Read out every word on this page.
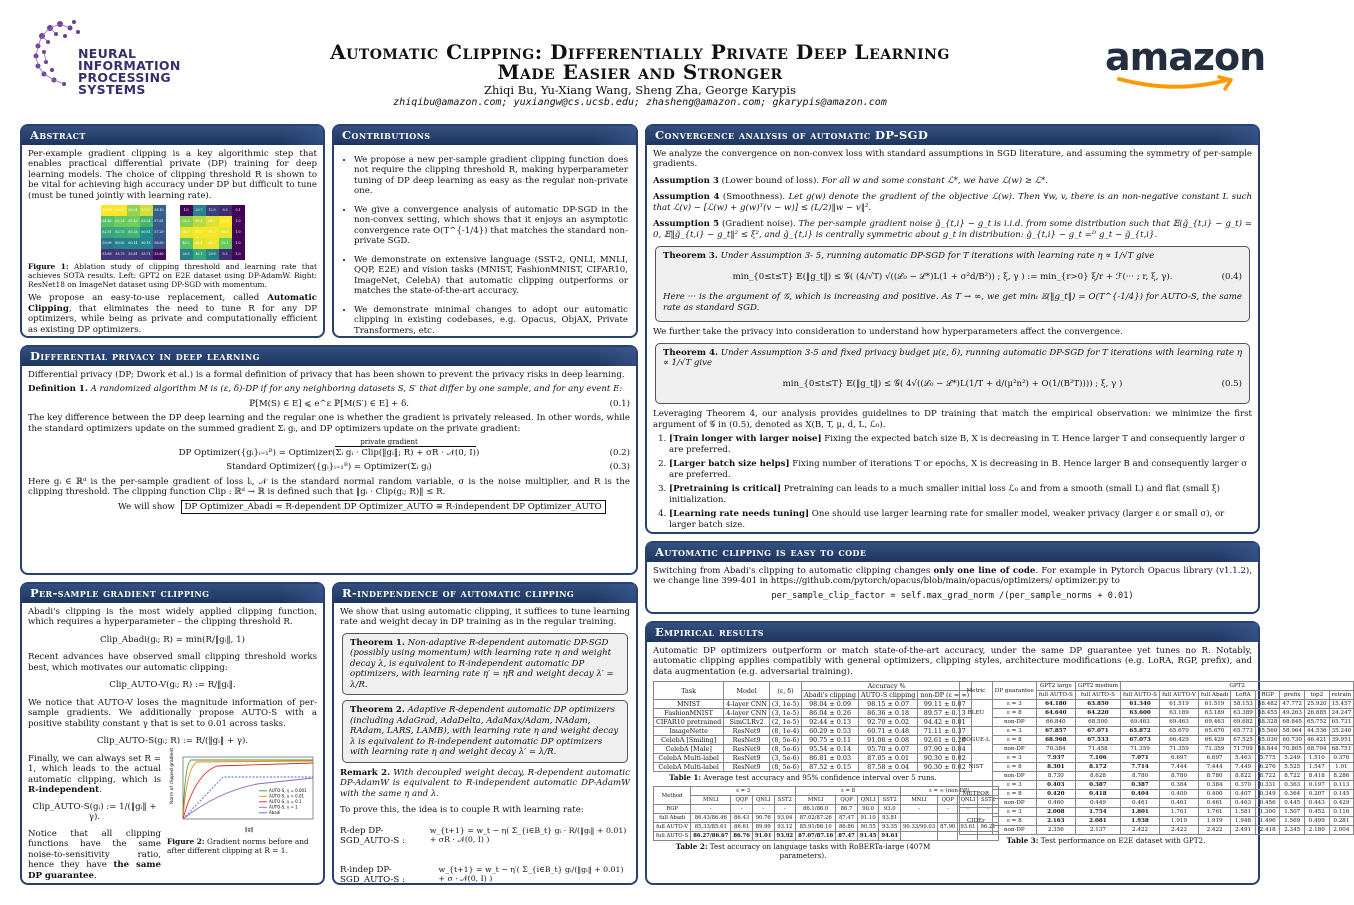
NEURAL
INFORMATION
PROCESSING
SYSTEMS
Automatic Clipping: Differentially Private Deep Learning
Made Easier and Stronger
Zhiqi Bu, Yu-Xiang Wang, Sheng Zha, George Karypis
zhiqibu@amazon.com; yuxiangw@cs.ucsb.edu; zhasheng@amazon.com; gkarypis@amazon.com
amazon
Abstract

Per-example gradient clipping is a key algorithmic step that enables practical differential private (DP) training for deep learning models. The choice of clipping threshold R is shown to be vital for achieving high accuracy under DP but difficult to tune (must be tuned jointly with learning rate).

68.89	68.93	66.34	67.87	58.10
64.46	65.24	65.45	63.51	57.61
62.51	62.73	63.28	60.81	57.29
59.09	60.02	60.14	60.18	56.89
55.69	55.75	55.81	55.71	53.60
1.0	29.7	12.9	9.3	0.1
55.2	60.4	64.5	67.9	1.0
66.0	67.3	67.3	65.8	1.0
49.2	65.4	66.3	52.1	1.0
28.9	40.1	29.9	9.3	1.0

Figure 1: Ablation study of clipping threshold and learning rate that achieves SOTA results. Left: GPT2 on E2E dataset using DP-AdamW. Right: ResNet18 on ImageNet dataset using DP-SGD with momentum.

We propose an easy-to-use replacement, called Automatic Clipping, that eliminates the need to tune R for any DP optimizers, while being as private and computationally efficient as existing DP optimizers.

Contributions
• We propose a new per-sample gradient clipping function does not require the clipping threshold R, making hyperparameter tuning of DP deep learning as easy as the regular non-private one.
• We give a convergence analysis of automatic DP-SGD in the non-convex setting, which shows that it enjoys an asymptotic convergence rate O(T^{-1/4}) that matches the standard non-private SGD.
• We demonstrate on extensive language (SST-2, QNLI, MNLI, QQP, E2E) and vision tasks (MNIST, FashionMNIST, CIFAR10, ImageNet, CelebA) that automatic clipping outperforms or matches the state-of-the-art accuracy.
• We demonstrate minimal changes to adopt our automatic clipping in existing codebases, e.g. Opacus, ObjAX, Private Transformers, etc.
Differential privacy in deep learning

Differential privacy (DP; Dwork et al.) is a formal definition of privacy that has been shown to prevent the privacy risks in deep learning.

Definition 1. A randomized algorithm M is (ε, δ)-DP if for any neighboring datasets S, S′ that differ by one sample, and for any event E:

ℙ[M(S) ∈ E] ⩽ e^ε ℙ[M(S′) ∈ E] + δ.	(0.1)

The key difference between the DP deep learning and the regular one is whether the gradient is privately released. In other words, while the standard optimizers update on the summed gradient Σᵢ gᵢ, and DP optimizers update on the private gradient:

private gradient
DP Optimizer({gᵢ}ᵢ₌₁ᴮ) = Optimizer(Σᵢ gᵢ · Clip(‖gᵢ‖; R) + σR · 𝒩(0, I))	(0.2)
Standard Optimizer({gᵢ}ᵢ₌₁ᴮ) = Optimizer(Σᵢ gᵢ)	(0.3)

Here gᵢ ∈ ℝᵈ is the per-sample gradient of loss lᵢ, 𝒩 is the standard normal random variable, σ is the noise multiplier, and R is the clipping threshold. The clipping function Clip : ℝᵈ → ℝ is defined such that ‖gᵢ · Clip(gᵢ; R)‖ ≤ R.

We will show DP Optimizer_Abadi ≈ R-dependent DP Optimizer_AUTO ≡ R-independent DP Optimizer_AUTO
Per-sample gradient clipping

Abadi's clipping is the most widely applied clipping function, which requires a hyperparameter – the clipping threshold R.

Clip_Abadi(gᵢ; R) = min(R/‖gᵢ‖, 1)

Recent advances have observed small clipping threshold works best, which motivates our automatic clipping:

Clip_AUTO-V(gᵢ; R) := R/‖gᵢ‖.

We notice that AUTO-V loses the magnitude information of per-sample gradients. We additionally propose AUTO-S with a positive stability constant γ that is set to 0.01 across tasks.

Clip_AUTO-S(gᵢ; R) := R/(‖gᵢ‖ + γ).

Finally, we can always set R = 1, which leads to the actual automatic clipping, which is R-independent.

Clip_AUTO-S(gᵢ) := 1/(‖gᵢ‖ + γ).

Notice that all clipping functions have the same noise-to-sensitivity ratio, hence they have the same DP guarantee.

Norm of clipped gradient
‖g‖
AUTO-S, γ = 0.001
AUTO-S, γ = 0.01
AUTO-S, γ = 0.1
AUTO-S, γ = 1
Abadi
Figure 2: Gradient norms before and after different clipping at R = 1.
R-independence of automatic clipping

We show that using automatic clipping, it suffices to tune learning rate and weight decay in DP training as in the regular training.

Theorem 1. Non-adaptive R-dependent automatic DP-SGD (possibly using momentum) with learning rate η and weight decay λ, is equivalent to R-independent automatic DP optimizers, with learning rate η′ = ηR and weight decay λ′ = λ/R.
Theorem 2. Adaptive R-dependent automatic DP optimizers (including AdaGrad, AdaDelta, AdaMax/Adam, NAdam, RAdam, LARS, LAMB), with learning rate η and weight decay λ is equivalent to R-independent automatic DP optimizers with learning rate η and weight decay λ′ = λ/R.

Remark 2. With decoupled weight decay, R-dependent automatic DP-AdamW is equivalent to R-independent automatic DP-AdamW with the same η and λ.

To prove this, the idea is to couple R with learning rate:

R-dep DP-SGD_AUTO-S :
w_{t+1} = w_t − η( Σ_{i∈B_t} gᵢ · R/(‖gᵢ‖ + 0.01) + σR · 𝒩(0, I) )
R-indep DP-SGD_AUTO-S :
w_{t+1} = w_t − η′( Σ_{i∈B_t} gᵢ/(‖gᵢ‖ + 0.01) + σ · 𝒩(0, I) )
Convergence analysis of automatic DP-SGD

We analyze the convergence on non-convex loss with standard assumptions in SGD literature, and assuming the symmetry of per-sample gradients.

Assumption 3 (Lower bound of loss). For all w and some constant ℒ*, we have ℒ(w) ≥ ℒ*.

Assumption 4 (Smoothness). Let g(w) denote the gradient of the objective ℒ(w). Then ∀w, v, there is an non-negative constant L such that ℒ(v) − [ℒ(w) + g(w)ᵀ(v − w)] ≤ (L/2)‖w − v‖².

Assumption 5 (Gradient noise). The per-sample gradient noise g̃_{t,i} − g_t is i.i.d. from some distribution such that 𝔼(g̃_{t,i} − g_t) = 0, 𝔼‖g̃_{t,i} − g_t‖² ≤ ξ², and g̃_{t,i} is centrally symmetric about g_t in distribution: g̃_{t,i} − g_t =ᴰ g_t − g̃_{t,i}.

Theorem 3. Under Assumption 3- 5, running automatic DP-SGD for T iterations with learning rate η ∝ 1/√T give

min_{0≤t≤T} 𝔼(‖g_t‖) ≤ 𝒢( (4/√T) √((ℒ₀ − ℒ*)L(1 + σ²d/B²)) ; ξ, γ ) := min_{r>0} ξ/r + ℱ(··· ; r, ξ, γ).	(0.4)

Here ··· is the argument of 𝒢, which is increasing and positive. As T → ∞, we get minₜ 𝔼(‖g_t‖) = O(T^{-1/4}) for AUTO-S, the same rate as standard SGD.

We further take the privacy into consideration to understand how hyperparameters affect the convergence.

Theorem 4. Under Assumption 3-5 and fixed privacy budget μ(ε, δ), running automatic DP-SGD for T iterations with learning rate η ∝ 1/√T give

min_{0≤t≤T} 𝔼(‖g_t‖) ≤ 𝒢( 4√((ℒ₀ − ℒ*)L(1/T + d/(μ²n²) + O(1/(B²T)))) ; ξ, γ )	(0.5)

Leveraging Theorem 4, our analysis provides guidelines to DP training that match the empirical observation: we minimize the first argument of 𝒢 in (0.5), denoted as X(B, T, μ, d, L, ℒ₀).

1. [Train longer with larger noise] Fixing the expected batch size B, X is decreasing in T. Hence larger T and consequently larger σ are preferred.
2. [Larger batch size helps] Fixing number of iterations T or epochs, X is decreasing in B. Hence larger B and consequently larger σ are preferred.
3. [Pretraining is critical] Pretraining can leads to a much smaller initial loss ℒ₀ and from a smooth (small L) and flat (small ξ) initialization.
4. [Learning rate needs tuning] One should use larger learning rate for smaller model, weaker privacy (larger ε or small σ), or larger batch size.
Automatic clipping is easy to code

Switching from Abadi's clipping to automatic clipping changes only one line of code. For example in Pytorch Opacus library (v1.1.2), we change line 399-401 in https://github.com/pytorch/opacus/blob/main/opacus/optimizers/ optimizer.py to

per_sample_clip_factor = self.max_grad_norm /(per_sample_norms + 0.01)
Empirical results

Automatic DP optimizers outperform or match state-of-the-art accuracy, under the same DP guarantee yet tunes no R. Notably, automatic clipping applies compatibly with general optimizers, clipping styles, architecture modifications (e.g. LoRA, RGP, prefix), and data augmentation (e.g. adversarial training).

Task	Model	(ε, δ)	Accuracy %		
			Abadi's clipping	AUTO-S clipping	non-DP (ε = ∞)
MNIST	4-layer CNN	(3, 1e-5)	98.04 ± 0.09	98.15 ± 0.07	99.11 ± 0.07
FashionMNIST	4-layer CNN	(3, 1e-5)	86.04 ± 0.26	86.36 ± 0.18	89.57 ± 0.13
CIFAR10 pretrained	SimCLRv2	(2, 1e-5)	92.44 ± 0.13	92.70 ± 0.02	94.42 ± 0.01
ImageNette	ResNet9	(8, 1e-4)	60.29 ± 0.53	60.71 ± 0.48	71.11 ± 0.37
CelebA [Smiling]	ResNet9	(8, 5e-6)	90.75 ± 0.11	91.08 ± 0.08	92.61 ± 0.20
CelebA [Male]	ResNet9	(8, 5e-6)	95.54 ± 0.14	95.70 ± 0.07	97.90 ± 0.04
CelebA Multi-label	ResNet9	(3, 5e-6)	86.81 ± 0.03	87.05 ± 0.01	90.30 ± 0.02
CelebA Multi-label	ResNet9	(8, 5e-6)	87.52 ± 0.15	87.58 ± 0.04	90.30 ± 0.02
Table 1: Average test accuracy and 95% confidence interval over 5 runs.
Method	ε = 3				ε = 8				ε = ∞ (non-DP)			
	MNLI	QQP	QNLI	SST2	MNLI	QQP	QNLI	SST2	MNLI	QQP	QNLI	SST2
RGP	-	-	-	-	86.1/86.0	86.7	90.0	93.0	-	-	-	-
full Abadi	86.43/86.46	86.43	90.76	93.04	87.02/87.26	87.47	91.10	93.81				
full AUTO-V	85.33/85.61	86.61	89.99	93.12	85.91/86.10	86.86	90.55	93.35	90.33/90.03	87.90	93.61	96.21
full AUTO-S	86.27/86.67	86.76	91.01	93.92	87.07/87.16	87.47	91.45	94.61				
Table 2: Test accuracy on language tasks with RoBERTa-large (407M parameters).
Metric	DP guarantee	GPT2 large	GPT2 medium	GPT2							
		full AUTO-S	full AUTO-S	full AUTO-S	full AUTO-V	full Abadi	LoRA	RGP	prefix	top2	retrain
BLEU	ε = 3	64.180	63.850	61.340	61.519	61.519	58.153	58.482	47.772	25.920	15.457
	ε = 8	64.640	64.220	63.600	63.189	63.189	63.389	58.455	49.263	26.885	24.247
	non-DP	66.840	68.500	69.463	69.463	69.463	69.682	68.328	68.845	65.752	65.731
ROGUE-L	ε = 3	67.857	67.071	65.872	65.670	65.670	65.773	65.560	58.964	44.536	35.240
	ε = 8	68.968	67.533	67.073	66.429	66.429	67.525	65.030	60.730	46.421	39.951
	non-DP	70.384	71.458	71.359	71.359	71.359	71.709	68.844	70.805	68.704	68.751
NIST	ε = 3	7.937	7.106	7.071	6.697	6.697	5.463	5.775	5.249	1.510	0.376
	ε = 8	8.301	8.172	7.714	7.444	7.444	7.449	6.276	5.525	1.547	1.01
	non-DP	8.730	8.628	8.780	8.780	8.780	8.822	8.722	8.722	8.418	8.286
METEOR	ε = 3	0.403	0.387	0.387	0.384	0.384	0.370	0.331	0.363	0.197	0.113
	ε = 8	0.420	0.418	0.404	0.400	0.400	0.407	0.349	0.364	0.207	0.145
	non-DP	0.460	0.449	0.461	0.461	0.461	0.463	0.456	0.445	0.443	0.429
CIDEr	ε = 3	2.008	1.754	1.801	1.761	1.761	1.581	1.300	1.507	0.452	0.116
	ε = 8	2.163	2.081	1.938	1.919	1.919	1.948	1.496	1.569	0.499	0.281
	non-DP	2.356	2.137	2.422	2.422	2.422	2.491	2.418	2.345	2.180	2.004
Table 3: Test performance on E2E dataset with GPT2.
